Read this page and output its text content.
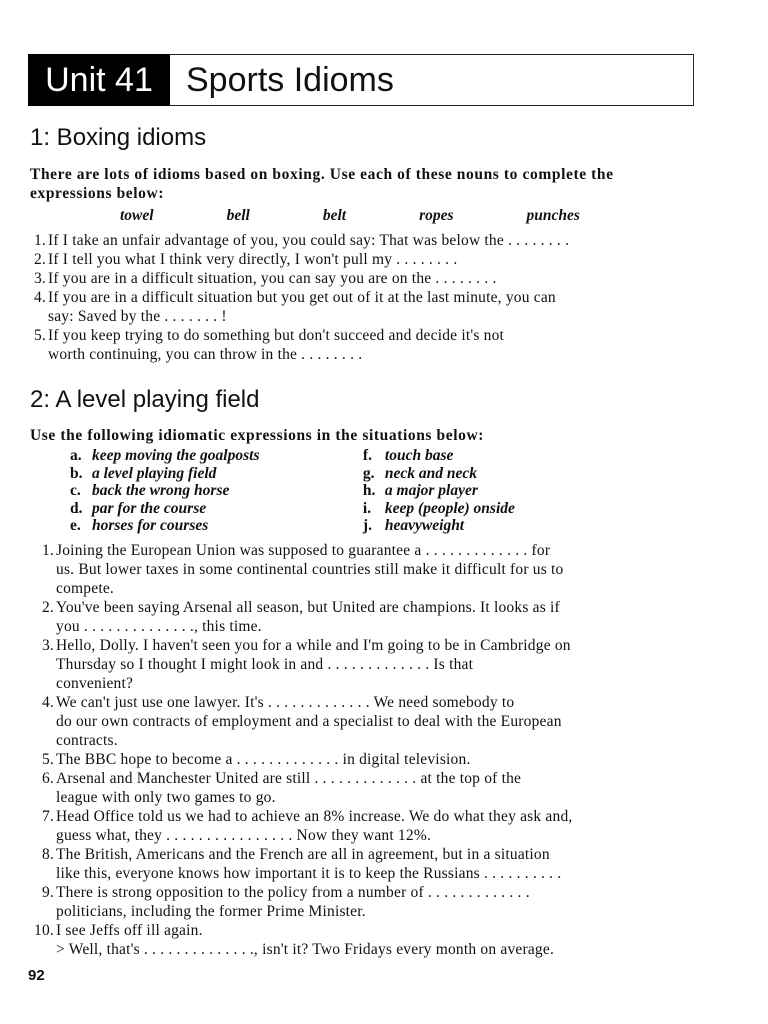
Unit 41 Sports Idioms
1: Boxing idioms
There are lots of idioms based on boxing. Use each of these nouns to complete the expressions below:
towel	bell	belt	ropes	punches
1. If I take an unfair advantage of you, you could say: That was below the . . . . . . . .
2. If I tell you what I think very directly, I won't pull my . . . . . . . .
3. If you are in a difficult situation, you can say you are on the . . . . . . . .
4. If you are in a difficult situation but you get out of it at the last minute, you can
say: Saved by the . . . . . . . !
5. If you keep trying to do something but don't succeed and decide it's not
worth continuing, you can throw in the . . . . . . . .
2: A level playing field
Use the following idiomatic expressions in the situations below:
a. keep moving the goalposts	f. touch base
b. a level playing field	g. neck and neck
c. back the wrong horse	h. a major player
d. par for the course	i. keep (people) onside
e. horses for courses	j. heavyweight
1. Joining the European Union was supposed to guarantee a . . . . . . . . . . . . . for
us. But lower taxes in some continental countries still make it difficult for us to
compete.
2. You've been saying Arsenal all season, but United are champions. It looks as if
you . . . . . . . . . . . . . ., this time.
3. Hello, Dolly. I haven't seen you for a while and I'm going to be in Cambridge on
Thursday so I thought I might look in and . . . . . . . . . . . . . Is that
convenient?
4. We can't just use one lawyer. It's . . . . . . . . . . . . . We need somebody to
do our own contracts of employment and a specialist to deal with the European
contracts.
5. The BBC hope to become a . . . . . . . . . . . . . in digital television.
6. Arsenal and Manchester United are still . . . . . . . . . . . . . at the top of the
league with only two games to go.
7. Head Office told us we had to achieve an 8% increase. We do what they ask and,
guess what, they . . . . . . . . . . . . . . . . Now they want 12%.
8. The British, Americans and the French are all in agreement, but in a situation
like this, everyone knows how important it is to keep the Russians . . . . . . . . . .
9. There is strong opposition to the policy from a number of . . . . . . . . . . . . .
politicians, including the former Prime Minister.
10. I see Jeffs off ill again.
> Well, that's . . . . . . . . . . . . . ., isn't it? Two Fridays every month on average.
92
